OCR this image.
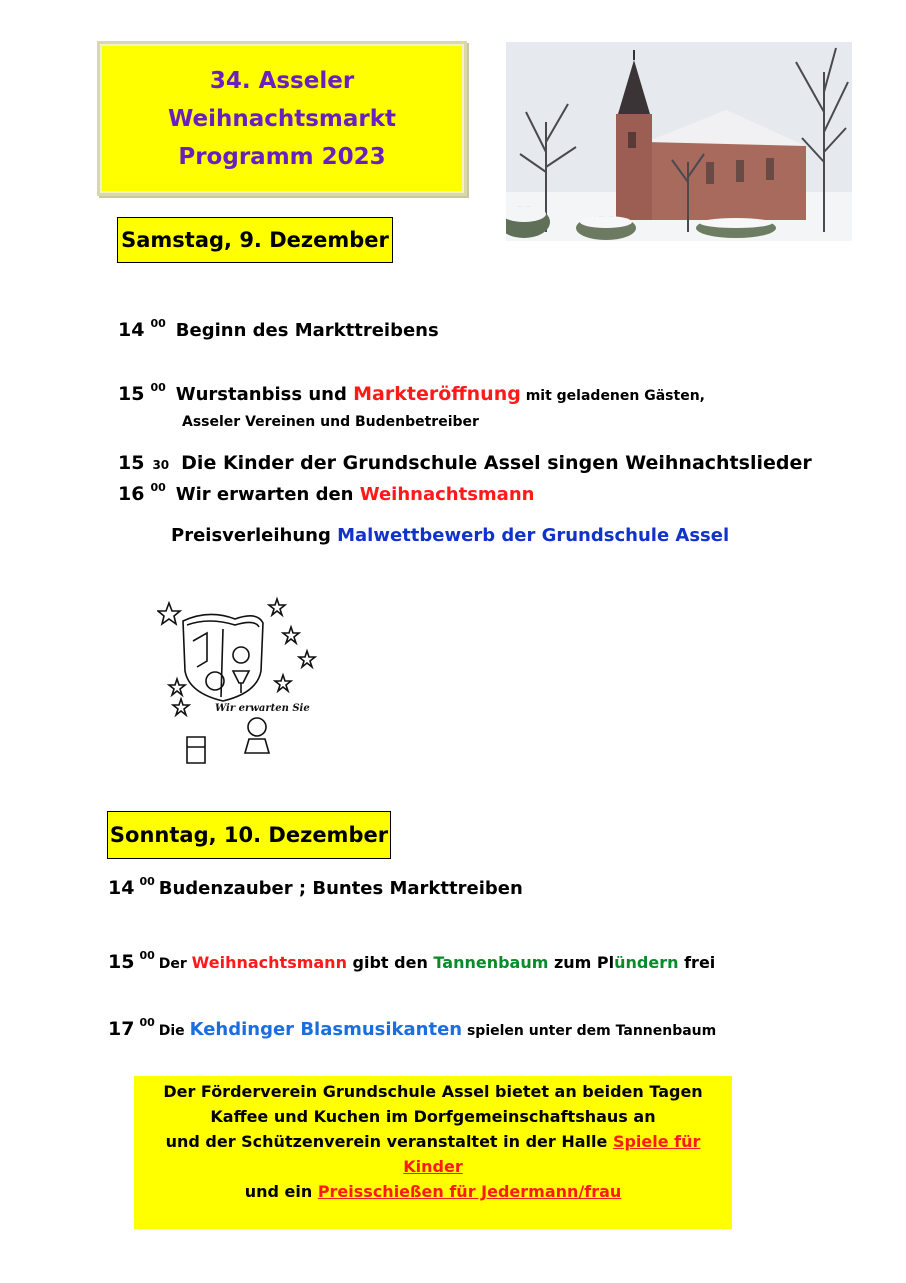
34. Asseler
Weihnachtsmarkt
Programm 2023
Samstag, 9. Dezember
14 $^{00}$ Beginn des Markttreibens
15 $^{00}$ Wurstanbiss und Markteröffnung mit geladenen Gästen,
Asseler Vereinen und Budenbetreiber
15 30 Die Kinder der Grundschule Assel singen Weihnachtslieder
16 $^{00}$ Wir erwarten den Weihnachtsmann
Preisverleihung Malwettbewerb der Grundschule Assel
Wir erwarten Sie
Sonntag, 10. Dezember
14 $^{00}$ Budenzauber ; Buntes Markttreiben
15 $^{00}$Der Weihnachtsmann gibt den Tannenbaum zum Plündern frei
17 $^{00}$Die Kehdinger Blasmusikanten spielen unter dem Tannenbaum
Der Förderverein Grundschule Assel bietet an beiden Tagen
Kaffee und Kuchen im Dorfgemeinschaftshaus an
und der Schützenverein veranstaltet in der Halle Spiele für Kinder
und ein Preisschießen für Jedermann/frau
